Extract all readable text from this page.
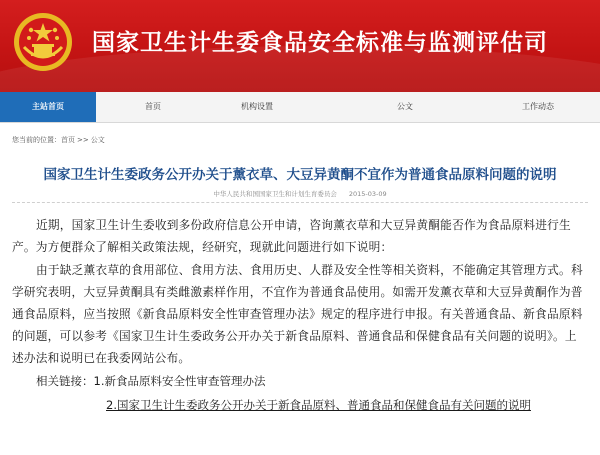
国家卫生计生委食品安全标准与监测评估司
主站首页	首页	机构设置	公文	工作动态
您当前的位置：首页 >> 公文
国家卫生计生委政务公开办关于薰衣草、大豆异黄酮不宜作为普通食品原料问题的说明
中华人民共和国国家卫生和计划生育委员会 2015-03-09
近期，国家卫生计生委收到多份政府信息公开申请，咨询薰衣草和大豆异黄酮能否作为食品原料进行生产。为方便群众了解相关政策法规，经研究，现就此问题进行如下说明：
由于缺乏薰衣草的食用部位、食用方法、食用历史、人群及安全性等相关资料，不能确定其管理方式。科学研究表明，大豆异黄酮具有类雌激素样作用，不宜作为普通食品使用。如需开发薰衣草和大豆异黄酮作为普通食品原料，应当按照《新食品原料安全性审查管理办法》规定的程序进行申报。有关普通食品、新食品原料的问题，可以参考《国家卫生计生委政务公开办关于新食品原料、普通食品和保健食品有关问题的说明》。上述办法和说明已在我委网站公布。
相关链接：1.新食品原料安全性审查管理办法
2.国家卫生计生委政务公开办关于新食品原料、普通食品和保健食品有关问题的说明
